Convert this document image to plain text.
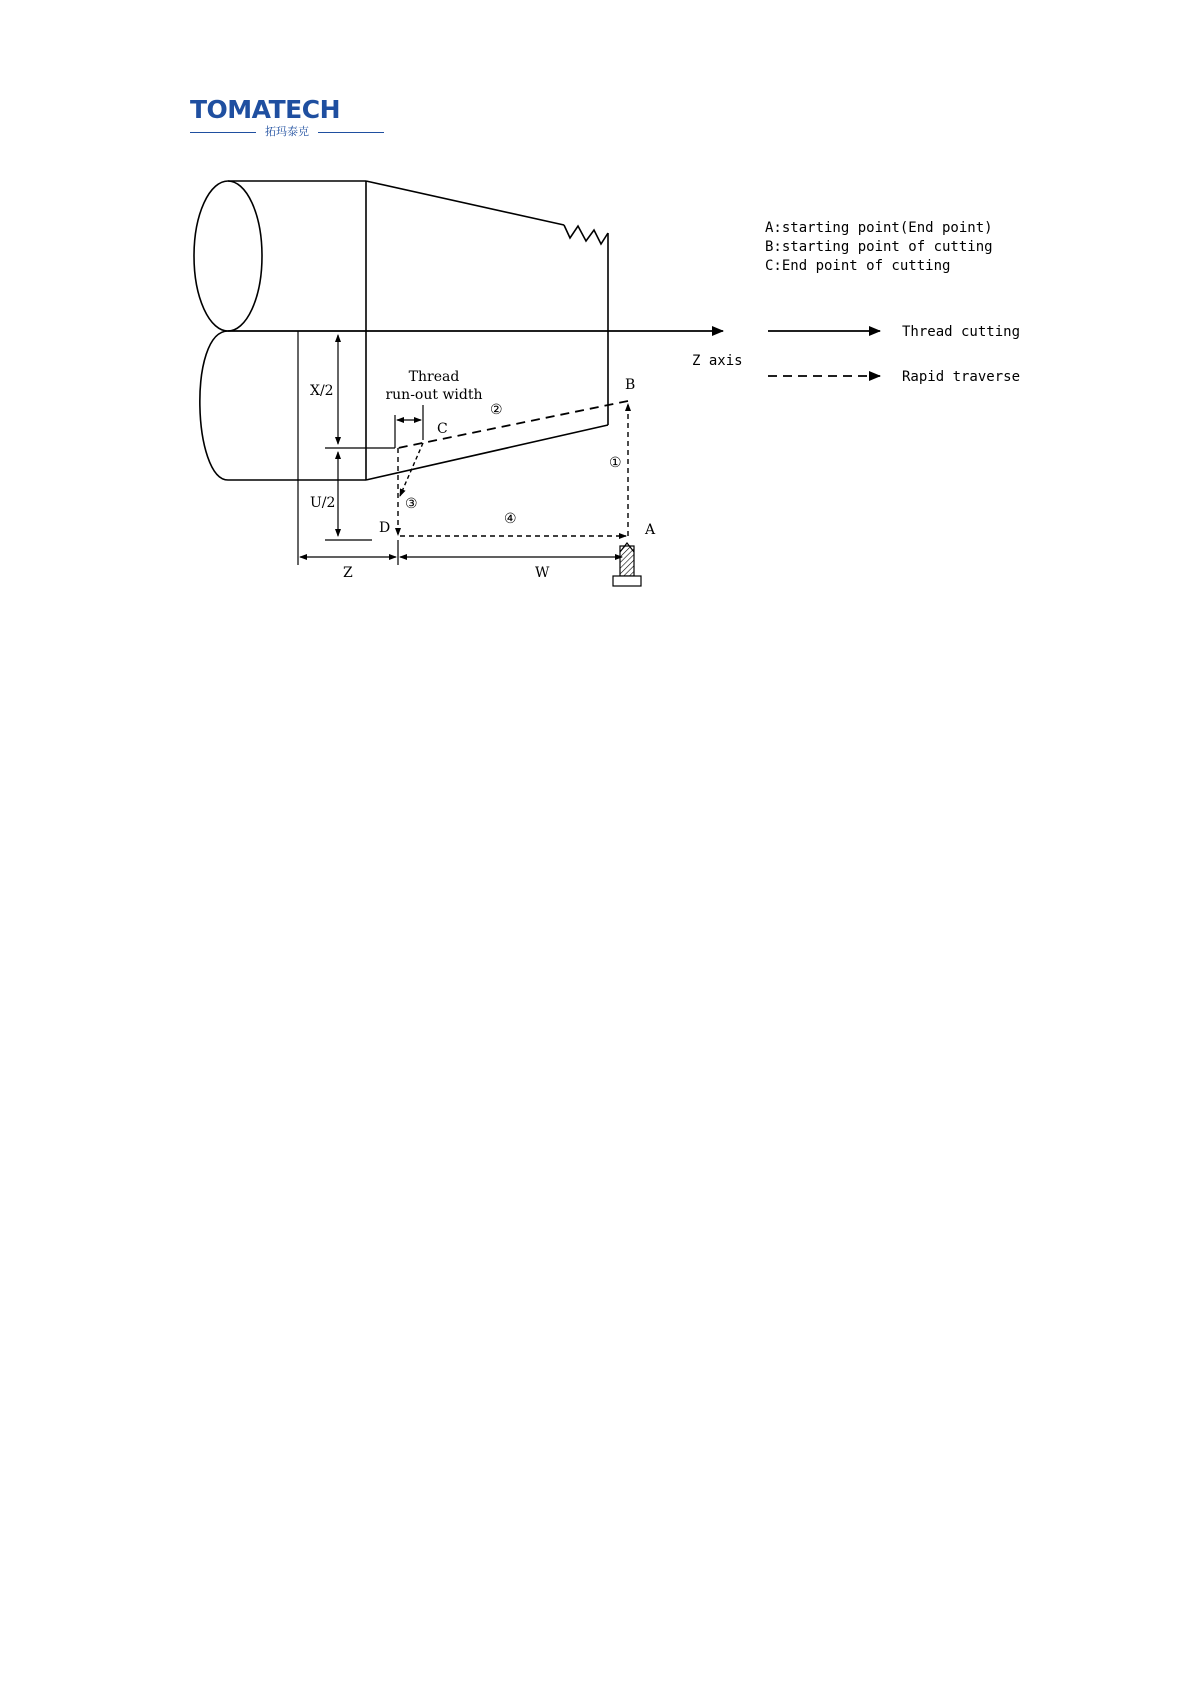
TOMATECH
拓玛泰克
Z axis
Thread
run-out width
A
B
C
D
①
②
③
④
X/2
U/2
Z	W
A:starting point(End point)
B:starting point of cutting
C:End point of cutting
Thread cutting
Rapid traverse
